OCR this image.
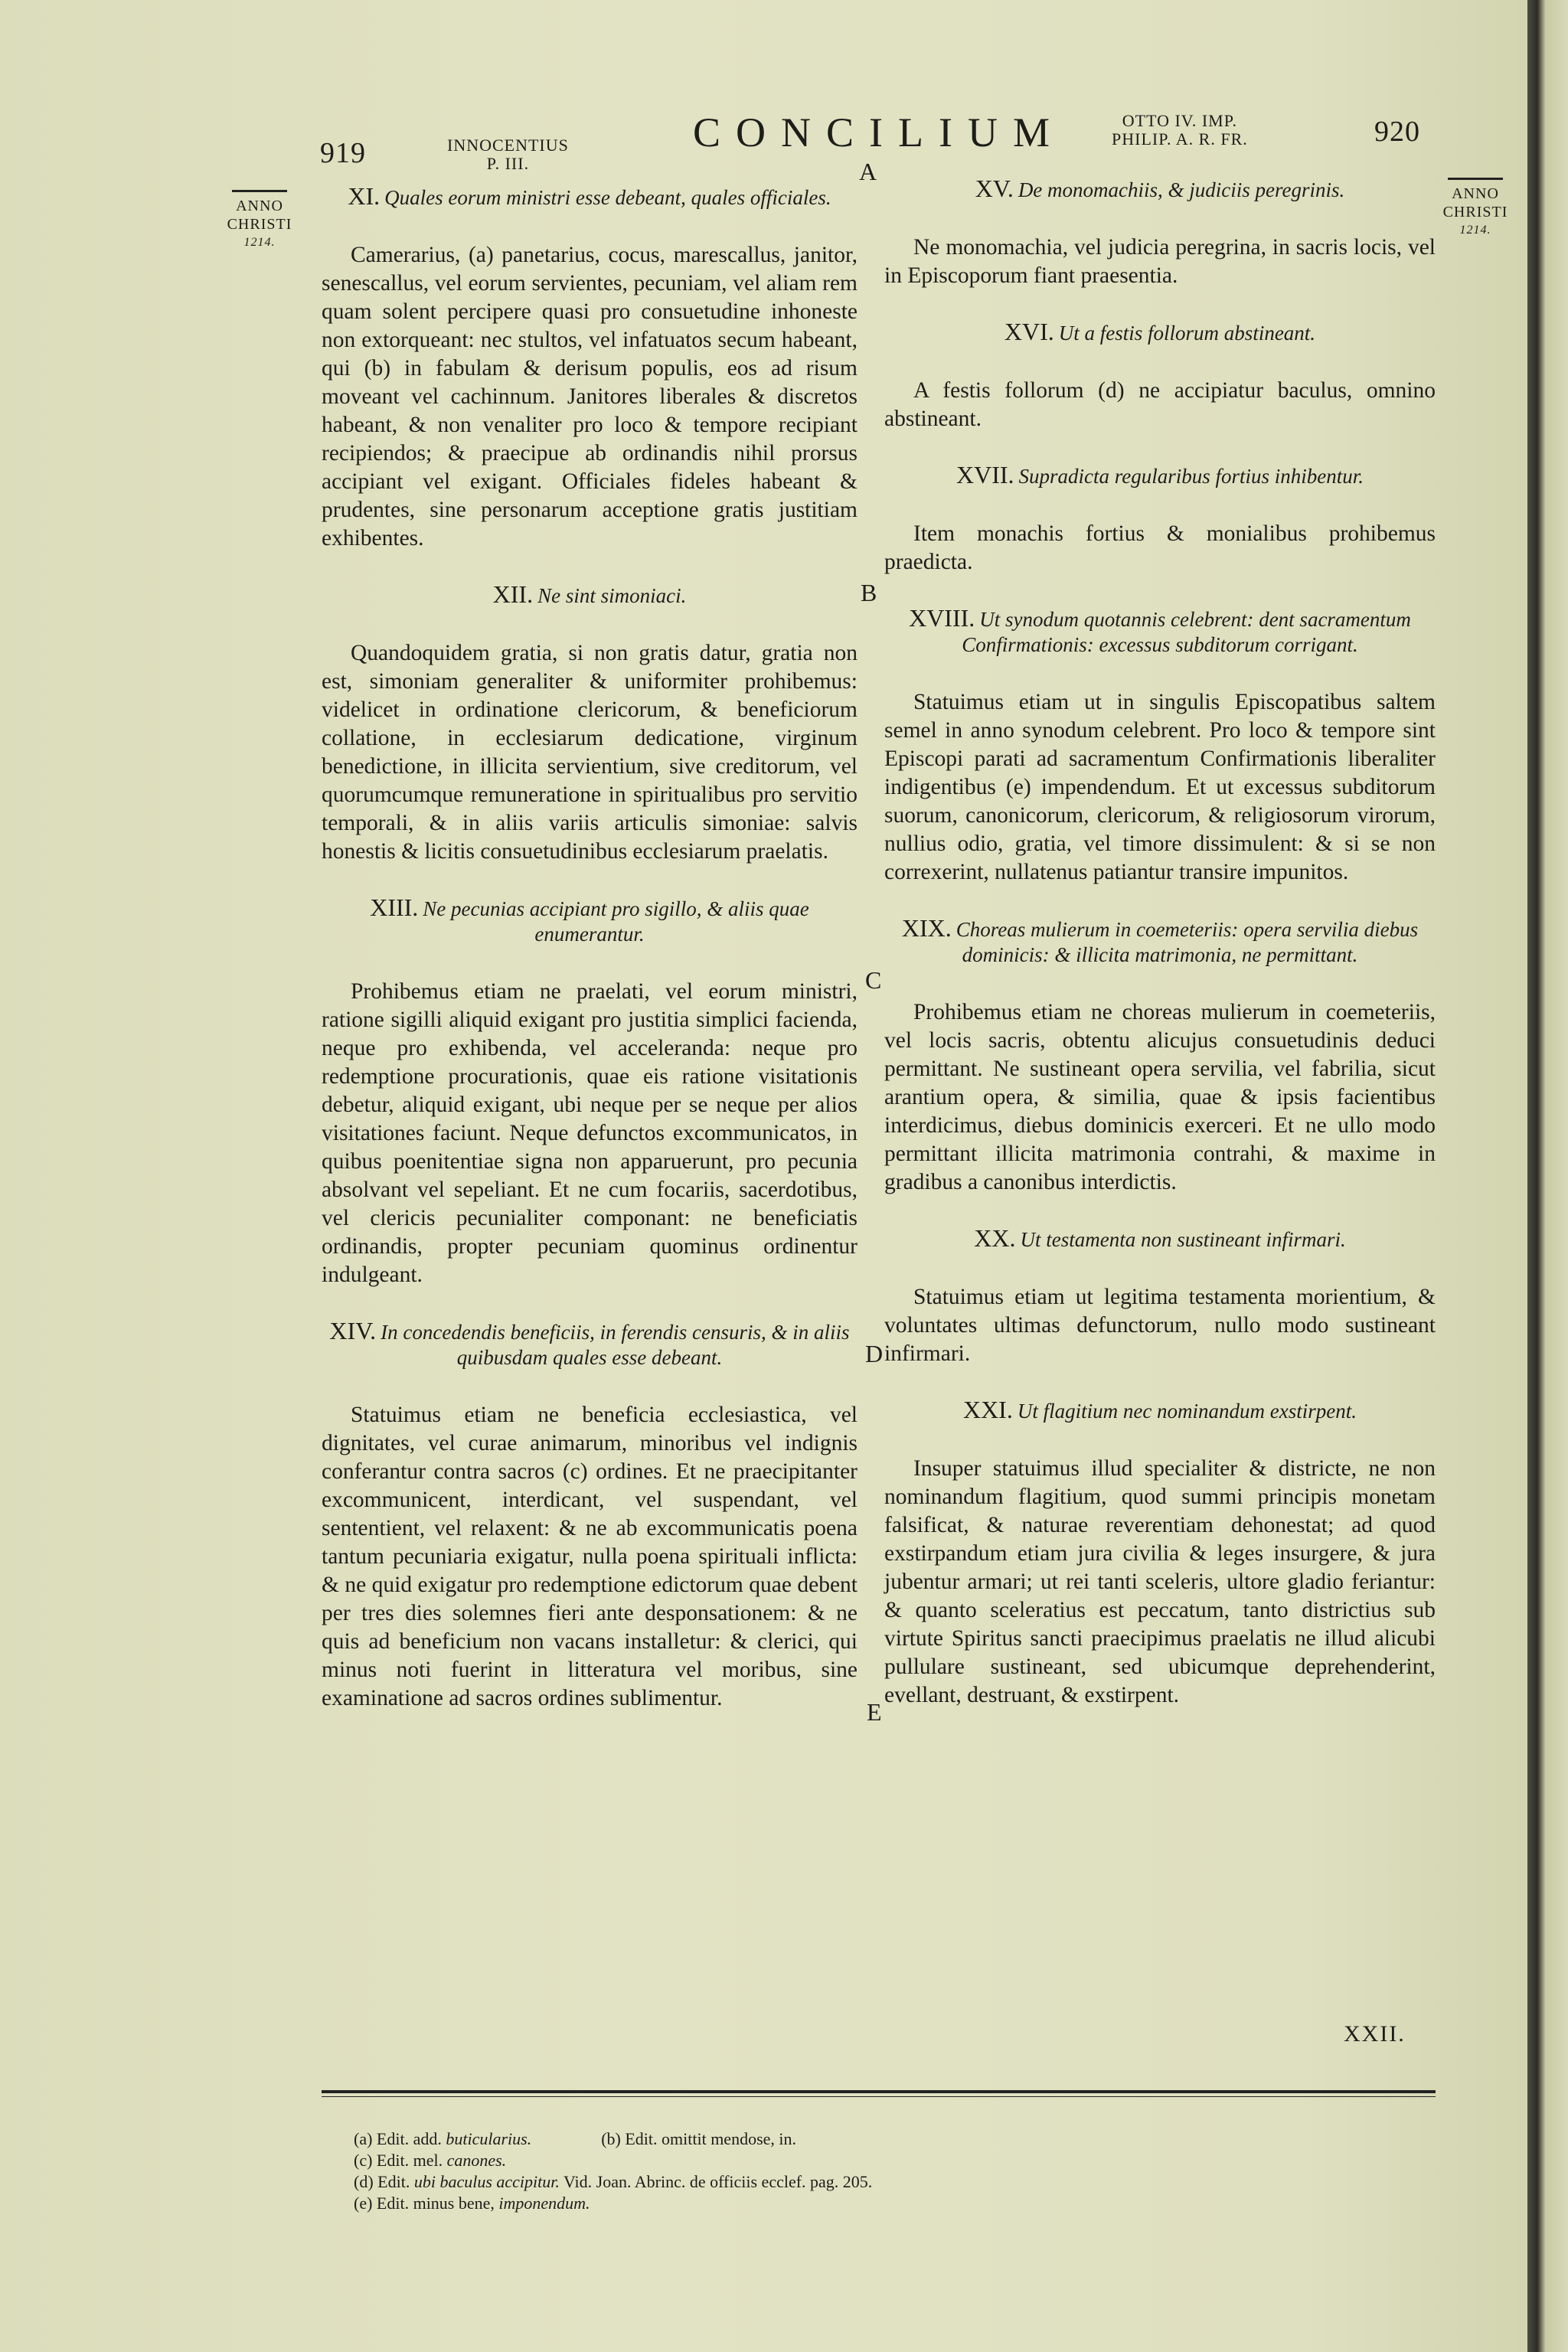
919	INNOCENTIUS
P. III.
CONCILIUM	OTTO IV. IMP.
PHILIP. A. R. FR.	920
ANNO
CHRISTI
1214.
ANNO
CHRISTI
1214.
A
B
C
D
E
XI. Quales eorum ministri esse debeant, quales officiales.
Camerarius, (a) panetarius, cocus, marescallus, janitor, senescallus, vel eorum servientes, pecuniam, vel aliam rem quam solent percipere quasi pro consuetudine inhoneste non extorqueant: nec stultos, vel infatuatos secum habeant, qui (b) in fabulam & derisum populis, eos ad risum moveant vel cachinnum. Janitores liberales & discretos habeant, & non venaliter pro loco & tempore recipiant recipiendos; & praecipue ab ordinandis nihil prorsus accipiant vel exigant. Officiales fideles habeant & prudentes, sine personarum acceptione gratis justitiam exhibentes.
XII. Ne sint simoniaci.
Quandoquidem gratia, si non gratis datur, gratia non est, simoniam generaliter & uniformiter prohibemus: videlicet in ordinatione clericorum, & beneficiorum collatione, in ecclesiarum dedicatione, virginum benedictione, in illicita servientium, sive creditorum, vel quorumcumque remuneratione in spiritualibus pro servitio temporali, & in aliis variis articulis simoniae: salvis honestis & licitis consuetudinibus ecclesiarum praelatis.
XIII. Ne pecunias accipiant pro sigillo, & aliis quae enumerantur.
Prohibemus etiam ne praelati, vel eorum ministri, ratione sigilli aliquid exigant pro justitia simplici facienda, neque pro exhibenda, vel acceleranda: neque pro redemptione procurationis, quae eis ratione visitationis debetur, aliquid exigant, ubi neque per se neque per alios visitationes faciunt. Neque defunctos excommunicatos, in quibus poenitentiae signa non apparuerunt, pro pecunia absolvant vel sepeliant. Et ne cum focariis, sacerdotibus, vel clericis pecunialiter componant: ne beneficiatis ordinandis, propter pecuniam quominus ordinentur indulgeant.
XIV. In concedendis beneficiis, in ferendis censuris, & in aliis quibusdam quales esse debeant.
Statuimus etiam ne beneficia ecclesiastica, vel dignitates, vel curae animarum, minoribus vel indignis conferantur contra sacros (c) ordines. Et ne praecipitanter excommunicent, interdicant, vel suspendant, vel sententient, vel relaxent: & ne ab excommunicatis poena tantum pecuniaria exigatur, nulla poena spirituali inflicta: & ne quid exigatur pro redemptione edictorum quae debent per tres dies solemnes fieri ante desponsationem: & ne quis ad beneficium non vacans installetur: & clerici, qui minus noti fuerint in litteratura vel moribus, sine examinatione ad sacros ordines sublimentur.
XV. De monomachiis, & judiciis peregrinis.
Ne monomachia, vel judicia peregrina, in sacris locis, vel in Episcoporum fiant praesentia.
XVI. Ut a festis follorum abstineant.
A festis follorum (d) ne accipiatur baculus, omnino abstineant.
XVII. Supradicta regularibus fortius inhibentur.
Item monachis fortius & monialibus prohibemus praedicta.
XVIII. Ut synodum quotannis celebrent: dent sacramentum Confirmationis: excessus subditorum corrigant.
Statuimus etiam ut in singulis Episcopatibus saltem semel in anno synodum celebrent. Pro loco & tempore sint Episcopi parati ad sacramentum Confirmationis liberaliter indigentibus (e) impendendum. Et ut excessus subditorum suorum, canonicorum, clericorum, & religiosorum virorum, nullius odio, gratia, vel timore dissimulent: & si se non correxerint, nullatenus patiantur transire impunitos.
XIX. Choreas mulierum in coemeteriis: opera servilia diebus dominicis: & illicita matrimonia, ne permittant.
Prohibemus etiam ne choreas mulierum in coemeteriis, vel locis sacris, obtentu alicujus consuetudinis deduci permittant. Ne sustineant opera servilia, vel fabrilia, sicut arantium opera, & similia, quae & ipsis facientibus interdicimus, diebus dominicis exerceri. Et ne ullo modo permittant illicita matrimonia contrahi, & maxime in gradibus a canonibus interdictis.
XX. Ut testamenta non sustineant infirmari.
Statuimus etiam ut legitima testamenta morientium, & voluntates ultimas defunctorum, nullo modo sustineant infirmari.
XXI. Ut flagitium nec nominandum exstirpent.
Insuper statuimus illud specialiter & districte, ne non nominandum flagitium, quod summi principis monetam falsificat, & naturae reverentiam dehonestat; ad quod exstirpandum etiam jura civilia & leges insurgere, & jura jubentur armari; ut rei tanti sceleris, ultore gladio feriantur: & quanto sceleratius est peccatum, tanto districtius sub virtute Spiritus sancti praecipimus praelatis ne illud alicubi pullulare sustineant, sed ubicumque deprehenderint, evellant, destruant, & exstirpent.
XXII.
(a) Edit. add. buticularius.	(b) Edit. omittit mendose, in.
(c) Edit. mel. canones.
(d) Edit. ubi baculus accipitur. Vid. Joan. Abrinc. de officiis ecclef. pag. 205.
(e) Edit. minus bene, imponendum.
